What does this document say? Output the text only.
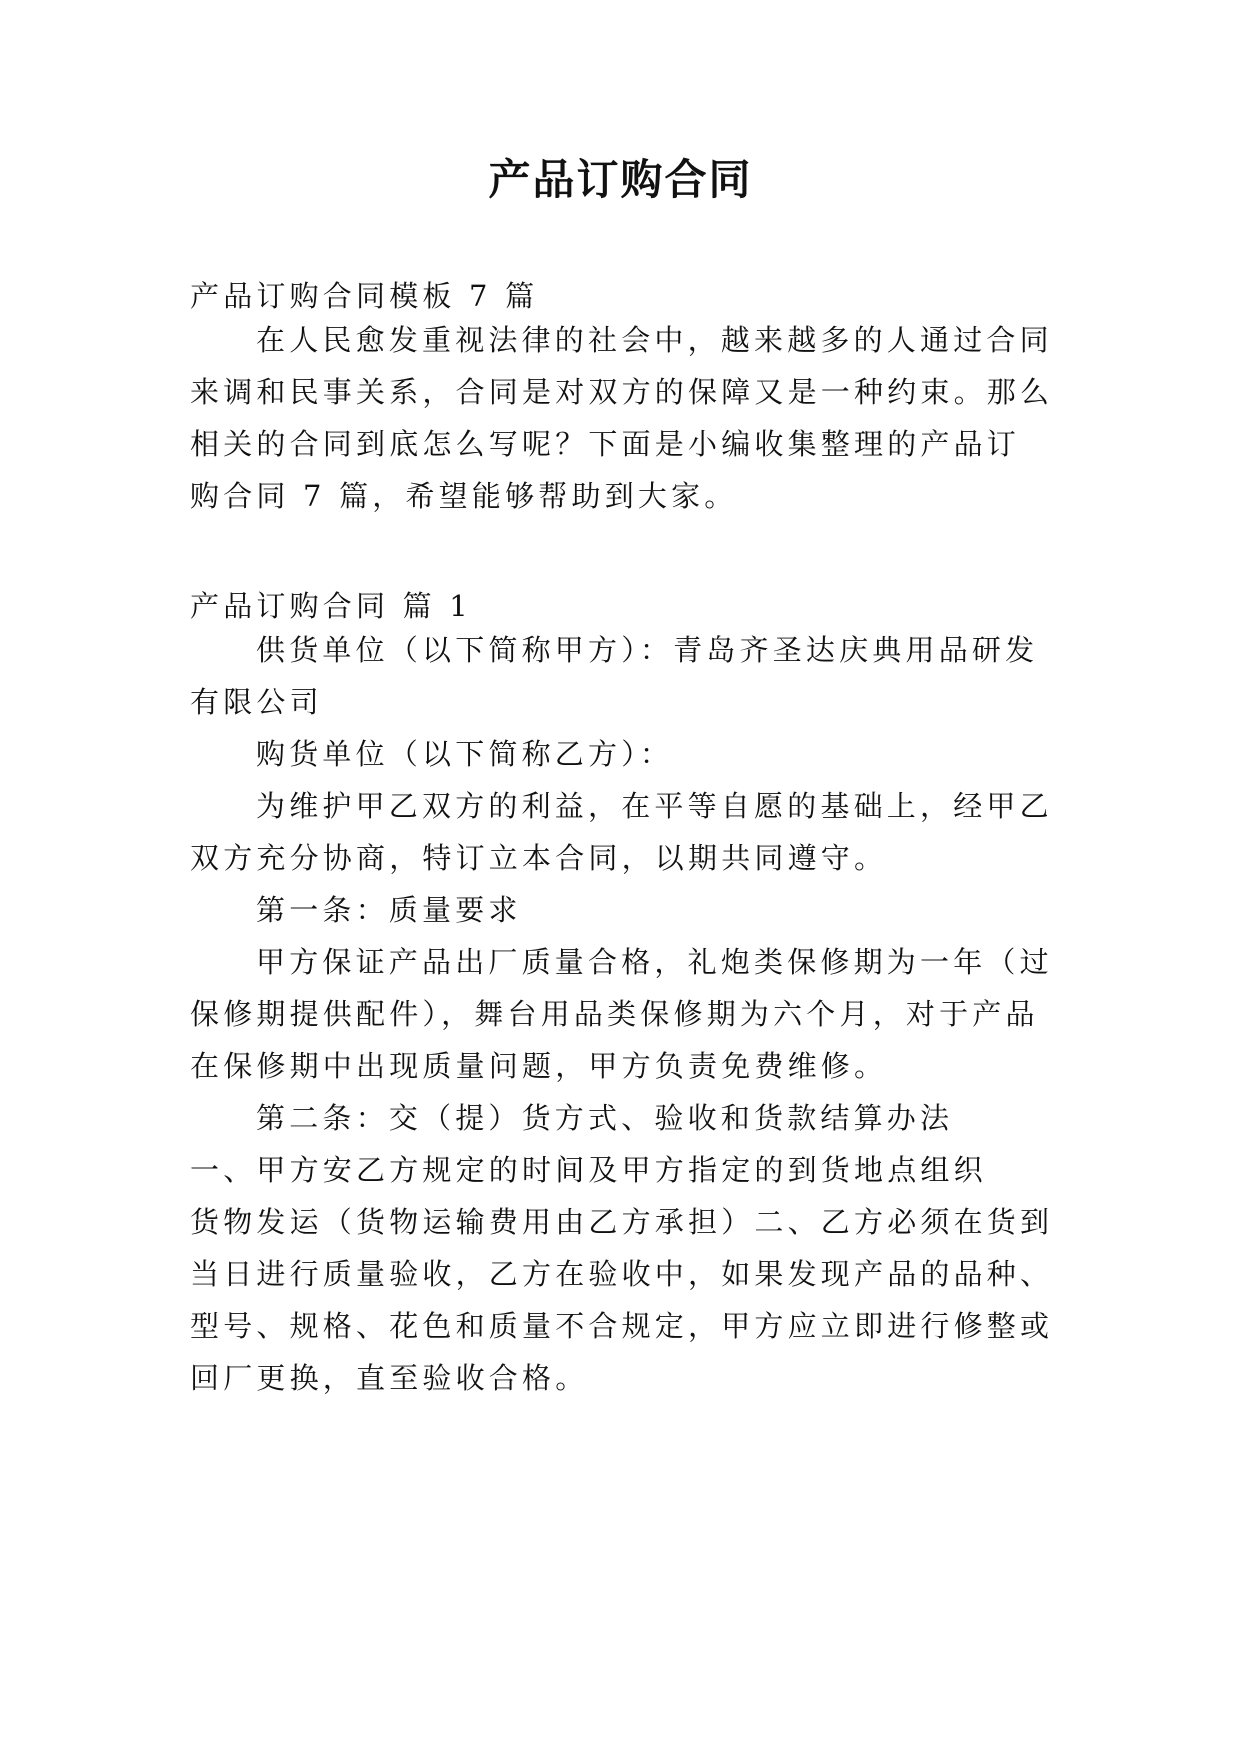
产品订购合同
产品订购合同模板 7 篇
在人民愈发重视法律的社会中，越来越多的人通过合同
来调和民事关系，合同是对双方的保障又是一种约束。那么
相关的合同到底怎么写呢？下面是小编收集整理的产品订
购合同 7 篇，希望能够帮助到大家。
产品订购合同 篇 1
供货单位（以下简称甲方）：青岛齐圣达庆典用品研发
有限公司
购货单位（以下简称乙方）：
为维护甲乙双方的利益，在平等自愿的基础上，经甲乙
双方充分协商，特订立本合同，以期共同遵守。
第一条：质量要求
甲方保证产品出厂质量合格，礼炮类保修期为一年（过
保修期提供配件），舞台用品类保修期为六个月，对于产品
在保修期中出现质量问题，甲方负责免费维修。
第二条：交（提）货方式、验收和货款结算办法
一、甲方安乙方规定的时间及甲方指定的到货地点组织
货物发运（货物运输费用由乙方承担）二、乙方必须在货到
当日进行质量验收，乙方在验收中，如果发现产品的品种、
型号、规格、花色和质量不合规定，甲方应立即进行修整或
回厂更换，直至验收合格。
